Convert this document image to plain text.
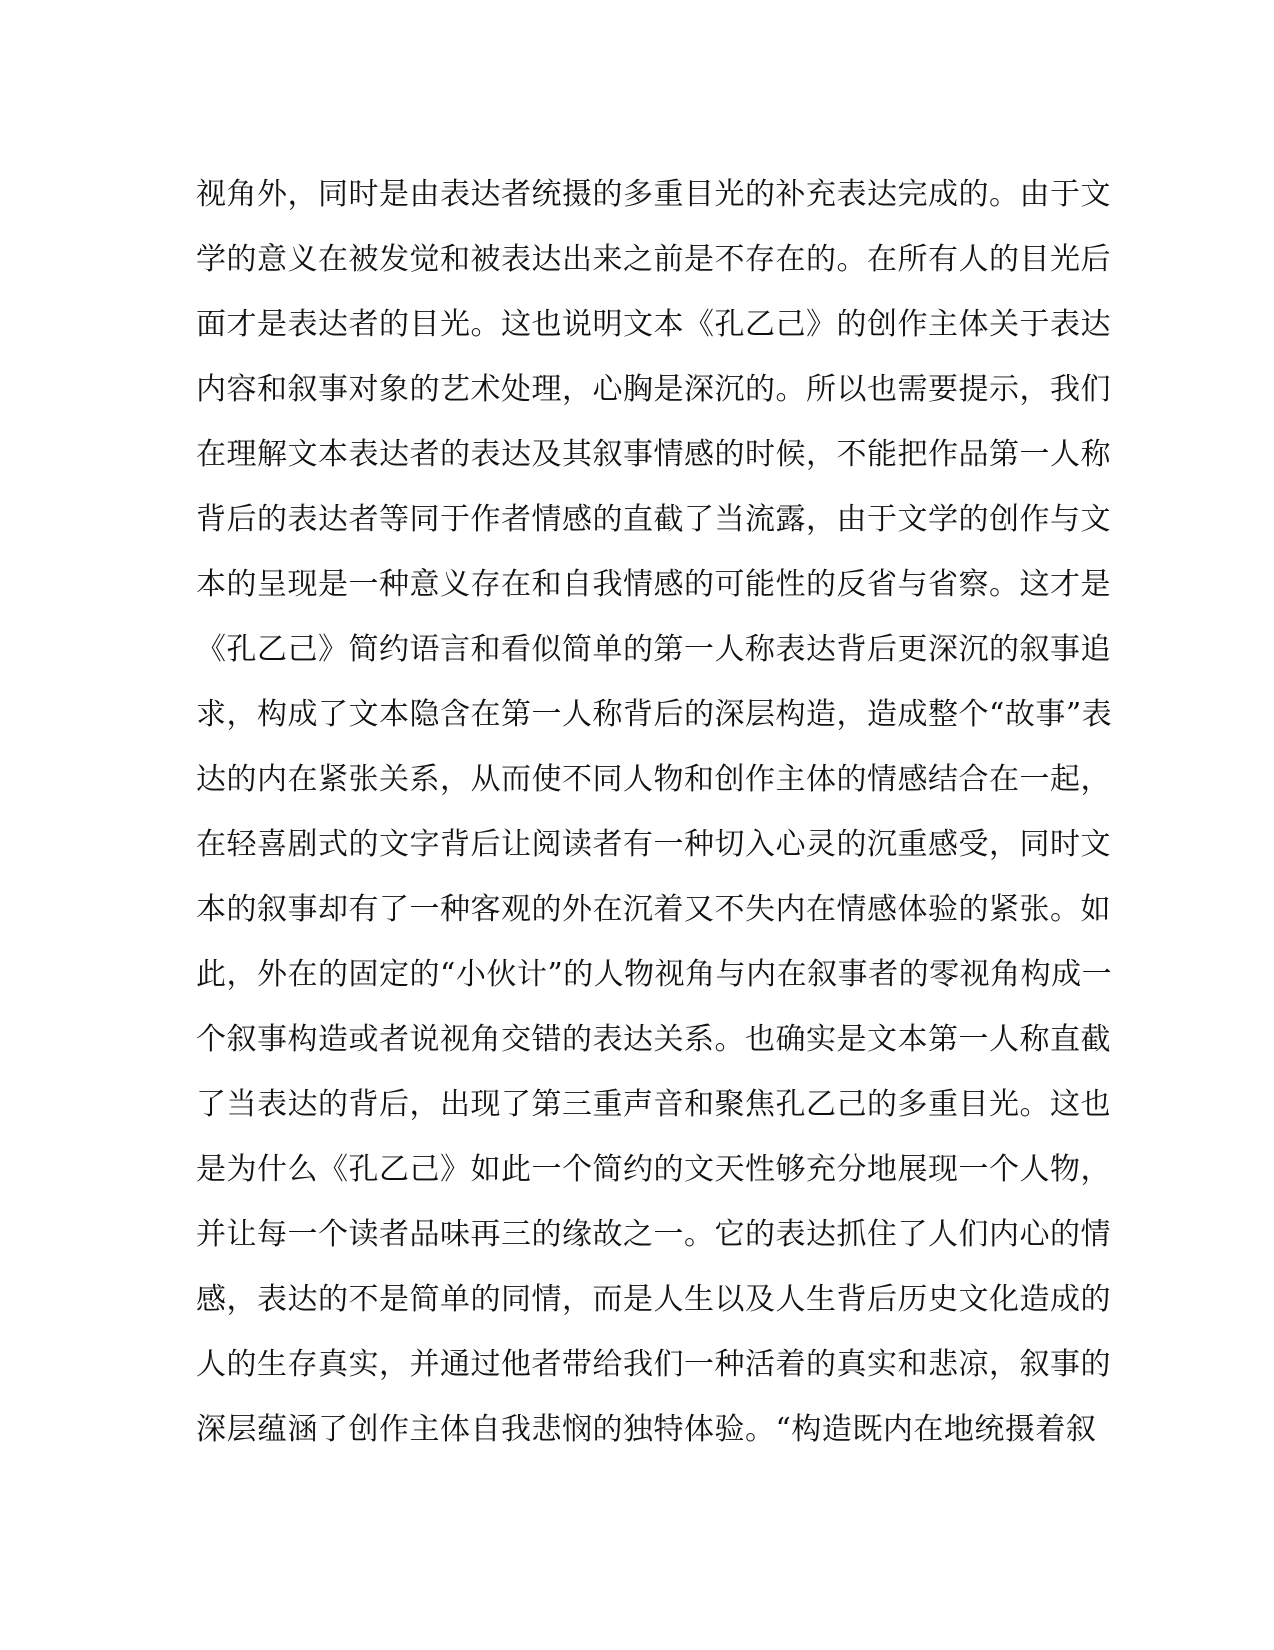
视角外，同时是由表达者统摄的多重目光的补充表达完成的。由于文
学的意义在被发觉和被表达出来之前是不存在的。在所有人的目光后
面才是表达者的目光。这也说明文本《孔乙己》的创作主体关于表达
内容和叙事对象的艺术处理，心胸是深沉的。所以也需要提示，我们
在理解文本表达者的表达及其叙事情感的时候，不能把作品第一人称
背后的表达者等同于作者情感的直截了当流露，由于文学的创作与文
本的呈现是一种意义存在和自我情感的可能性的反省与省察。这才是
《孔乙己》简约语言和看似简单的第一人称表达背后更深沉的叙事追
求，构成了文本隐含在第一人称背后的深层构造，造成整个“故事”表
达的内在紧张关系，从而使不同人物和创作主体的情感结合在一起，
在轻喜剧式的文字背后让阅读者有一种切入心灵的沉重感受，同时文
本的叙事却有了一种客观的外在沉着又不失内在情感体验的紧张。如
此，外在的固定的“小伙计”的人物视角与内在叙事者的零视角构成一
个叙事构造或者说视角交错的表达关系。也确实是文本第一人称直截
了当表达的背后，出现了第三重声音和聚焦孔乙己的多重目光。这也
是为什么《孔乙己》如此一个简约的文天性够充分地展现一个人物，
并让每一个读者品味再三的缘故之一。它的表达抓住了人们内心的情
感，表达的不是简单的同情，而是人生以及人生背后历史文化造成的
人的生存真实，并通过他者带给我们一种活着的真实和悲凉，叙事的
深层蕴涵了创作主体自我悲悯的独特体验。“构造既内在地统摄着叙
